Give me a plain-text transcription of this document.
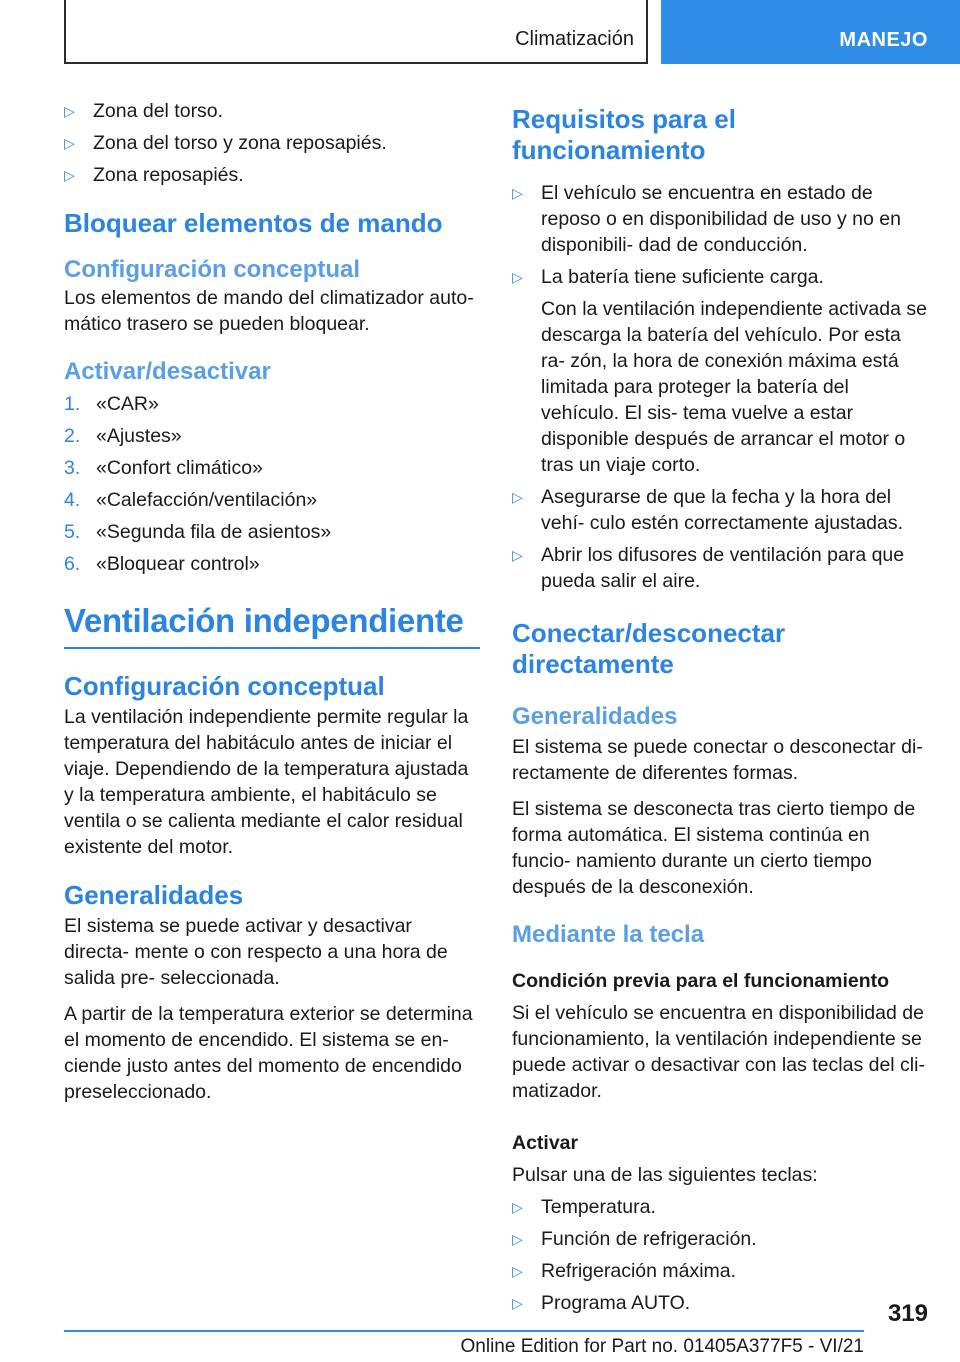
Climatización	MANEJO
▷ Zona del torso.
▷ Zona del torso y zona reposapiés.
▷ Zona reposapiés.
Bloquear elementos de mando
Configuración conceptual

Los elementos de mando del climatizador auto- mático trasero se pueden bloquear.

Activar/desactivar
1. «CAR»
2. «Ajustes»
3. «Confort climático»
4. «Calefacción/ventilación»
5. «Segunda fila de asientos»
6. «Bloquear control»
Ventilación independiente
Configuración conceptual

La ventilación independiente permite regular la temperatura del habitáculo antes de iniciar el viaje. Dependiendo de la temperatura ajustada y la temperatura ambiente, el habitáculo se ventila o se calienta mediante el calor residual existente del motor.

Generalidades

El sistema se puede activar y desactivar directa- mente o con respecto a una hora de salida pre- seleccionada.

A partir de la temperatura exterior se determina el momento de encendido. El sistema se en- ciende justo antes del momento de encendido preseleccionado.

Requisitos para el funcionamiento
▷ El vehículo se encuentra en estado de reposo o en disponibilidad de uso y no en disponibili- dad de conducción.
▷ La batería tiene suficiente carga.
Con la ventilación independiente activada se descarga la batería del vehículo. Por esta ra- zón, la hora de conexión máxima está limitada para proteger la batería del vehículo. El sis- tema vuelve a estar disponible después de arrancar el motor o tras un viaje corto.
▷ Asegurarse de que la fecha y la hora del vehí- culo estén correctamente ajustadas.
▷ Abrir los difusores de ventilación para que pueda salir el aire.
Conectar/desconectar directamente
Generalidades

El sistema se puede conectar o desconectar di- rectamente de diferentes formas.

El sistema se desconecta tras cierto tiempo de forma automática. El sistema continúa en funcio- namiento durante un cierto tiempo después de la desconexión.

Mediante la tecla
Condición previa para el funcionamiento

Si el vehículo se encuentra en disponibilidad de funcionamiento, la ventilación independiente se puede activar o desactivar con las teclas del cli- matizador.

Activar

Pulsar una de las siguientes teclas:

▷ Temperatura.
▷ Función de refrigeración.
▷ Refrigeración máxima.
▷ Programa AUTO.	319
Online Edition for Part no. 01405A377F5 - VI/21
